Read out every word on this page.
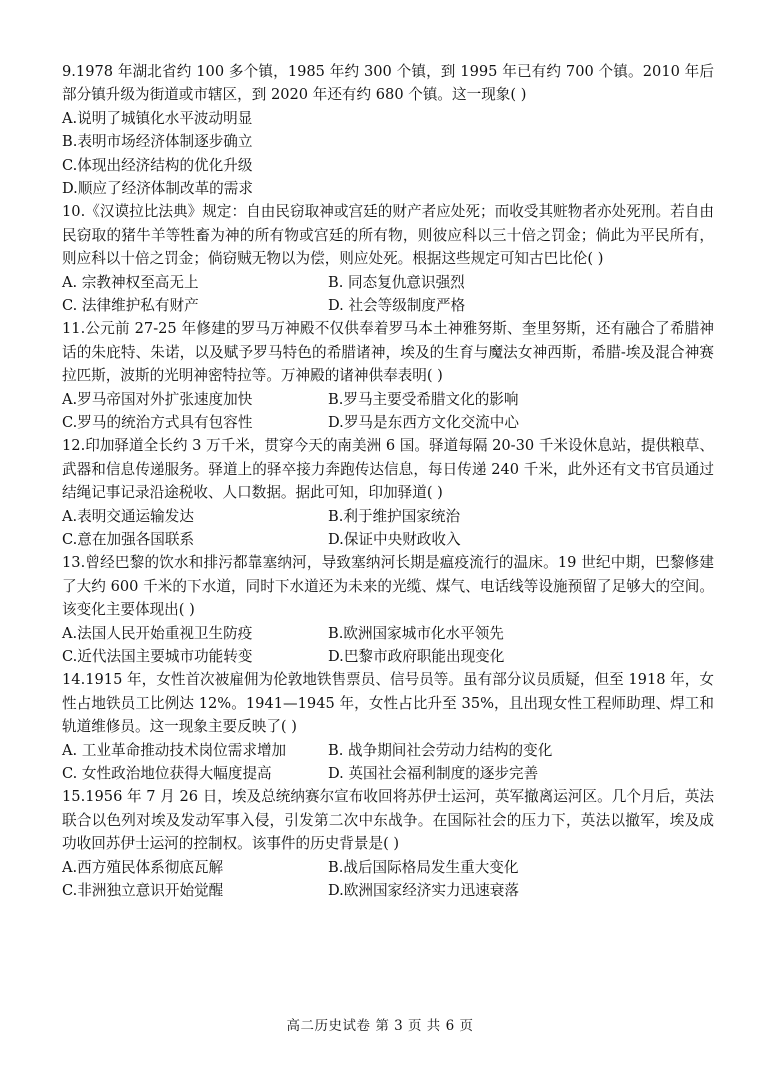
9.1978 年湖北省约 100 多个镇，1985 年约 300 个镇，到 1995 年已有约 700 个镇。2010 年后部分镇升级为街道或市辖区，到 2020 年还有约 680 个镇。这一现象( )

A.说明了城镇化水平波动明显

B.表明市场经济体制逐步确立

C.体现出经济结构的优化升级

D.顺应了经济体制改革的需求

10.《汉谟拉比法典》规定：自由民窃取神或宫廷的财产者应处死；而收受其赃物者亦处死刑。若自由民窃取的猪牛羊等牲畜为神的所有物或宫廷的所有物，则彼应科以三十倍之罚金；倘此为平民所有，则应科以十倍之罚金；倘窃贼无物以为偿，则应处死。根据这些规定可知古巴比伦( )

A. 宗教神权至高无上	B. 同态复仇意识强烈

C. 法律维护私有财产	D. 社会等级制度严格

11.公元前 27-25 年修建的罗马万神殿不仅供奉着罗马本土神雅努斯、奎里努斯，还有融合了希腊神话的朱庇特、朱诺，以及赋予罗马特色的希腊诸神，埃及的生育与魔法女神西斯，希腊-埃及混合神赛拉匹斯，波斯的光明神密特拉等。万神殿的诸神供奉表明( )

A.罗马帝国对外扩张速度加快	B.罗马主要受希腊文化的影响

C.罗马的统治方式具有包容性	D.罗马是东西方文化交流中心

12.印加驿道全长约 3 万千米，贯穿今天的南美洲 6 国。驿道每隔 20-30 千米设休息站，提供粮草、武器和信息传递服务。驿道上的驿卒接力奔跑传达信息，每日传递 240 千米，此外还有文书官员通过结绳记事记录沿途税收、人口数据。据此可知，印加驿道( )

A.表明交通运输发达	B.利于维护国家统治

C.意在加强各国联系	D.保证中央财政收入

13.曾经巴黎的饮水和排污都靠塞纳河，导致塞纳河长期是瘟疫流行的温床。19 世纪中期，巴黎修建了大约 600 千米的下水道，同时下水道还为未来的光缆、煤气、电话线等设施预留了足够大的空间。该变化主要体现出( )

A.法国人民开始重视卫生防疫	B.欧洲国家城市化水平领先

C.近代法国主要城市功能转变	D.巴黎市政府职能出现变化

14.1915 年，女性首次被雇佣为伦敦地铁售票员、信号员等。虽有部分议员质疑，但至 1918 年，女性占地铁员工比例达 12%。1941—1945 年，女性占比升至 35%，且出现女性工程师助理、焊工和轨道维修员。这一现象主要反映了( )

A. 工业革命推动技术岗位需求增加	B. 战争期间社会劳动力结构的变化

C. 女性政治地位获得大幅度提高	D. 英国社会福利制度的逐步完善

15.1956 年 7 月 26 日，埃及总统纳赛尔宣布收回将苏伊士运河，英军撤离运河区。几个月后，英法联合以色列对埃及发动军事入侵，引发第二次中东战争。在国际社会的压力下，英法以撤军，埃及成功收回苏伊士运河的控制权。该事件的历史背景是( )

A.西方殖民体系彻底瓦解	B.战后国际格局发生重大变化

C.非洲独立意识开始觉醒	D.欧洲国家经济实力迅速衰落

高二历史试卷 第 3 页 共 6 页
